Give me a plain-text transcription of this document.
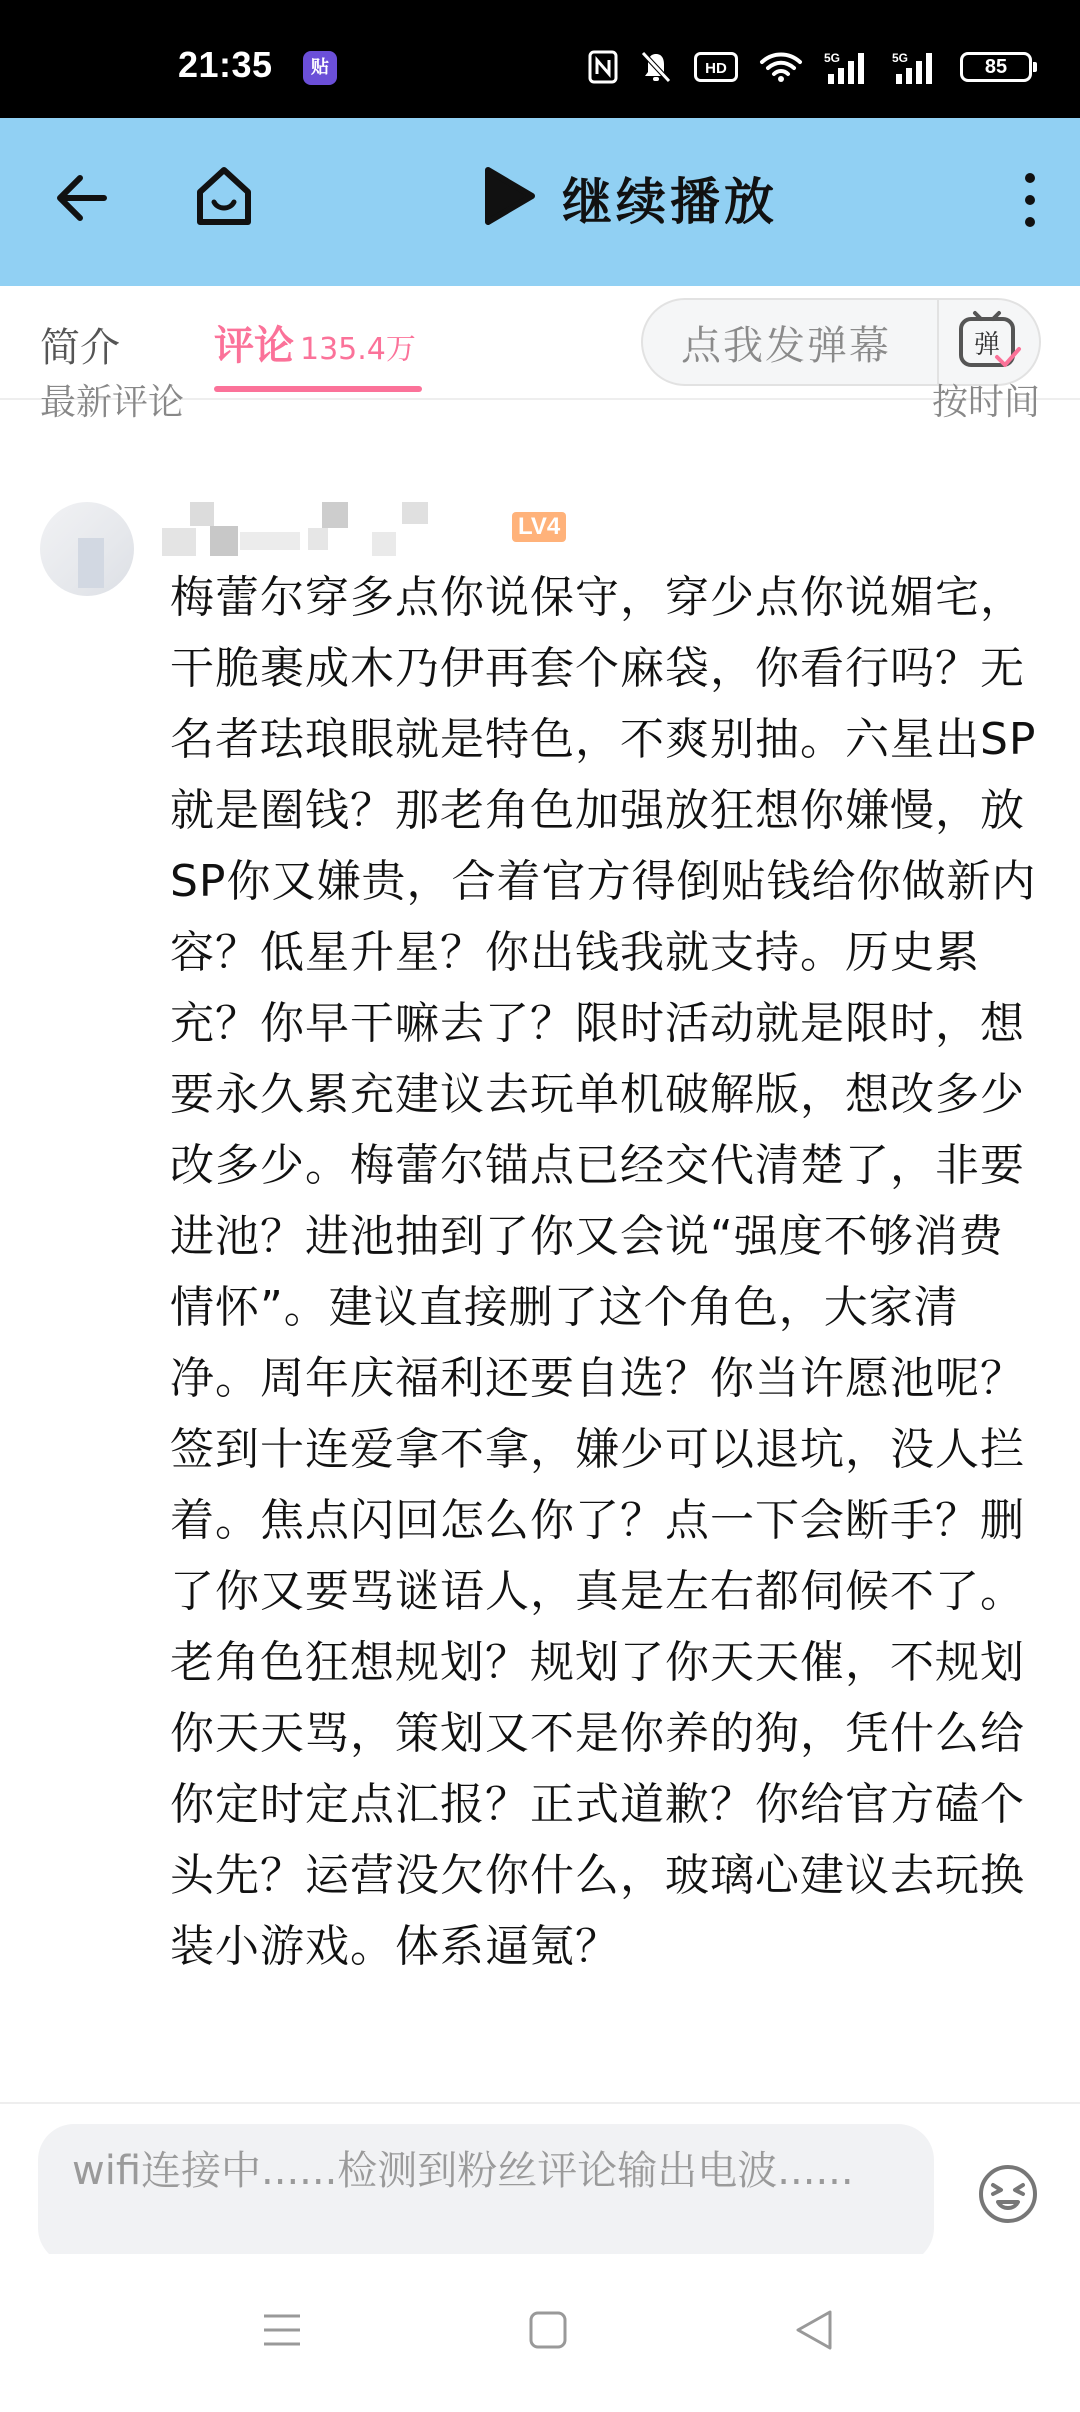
21:35	贴	HD
5G	5G	85
继续播放
简介 评论 135.4万	点我发弹幕	弹
最新评论	按时间
LV4

梅蕾尔穿多点你说保守，穿少点你说媚宅，干脆裹成木乃伊再套个麻袋，你看行吗？无名者珐琅眼就是特色，不爽别抽。六星出SP就是圈钱？那老角色加强放狂想你嫌慢，放SP你又嫌贵，合着官方得倒贴钱给你做新内容？低星升星？你出钱我就支持。历史累充？你早干嘛去了？限时活动就是限时，想要永久累充建议去玩单机破解版，想改多少改多少。梅蕾尔锚点已经交代清楚了，非要进池？进池抽到了你又会说“强度不够消费情怀”。建议直接删了这个角色，大家清净。周年庆福利还要自选？你当许愿池呢？签到十连爱拿不拿，嫌少可以退坑，没人拦着。焦点闪回怎么你了？点一下会断手？删了你又要骂谜语人，真是左右都伺候不了。老角色狂想规划？规划了你天天催，不规划你天天骂，策划又不是你养的狗，凭什么给你定时定点汇报？正式道歉？你给官方磕个头先？运营没欠你什么，玻璃心建议去玩换装小游戏。体系逼氪？

wifi连接中......检测到粉丝评论输出电波......
